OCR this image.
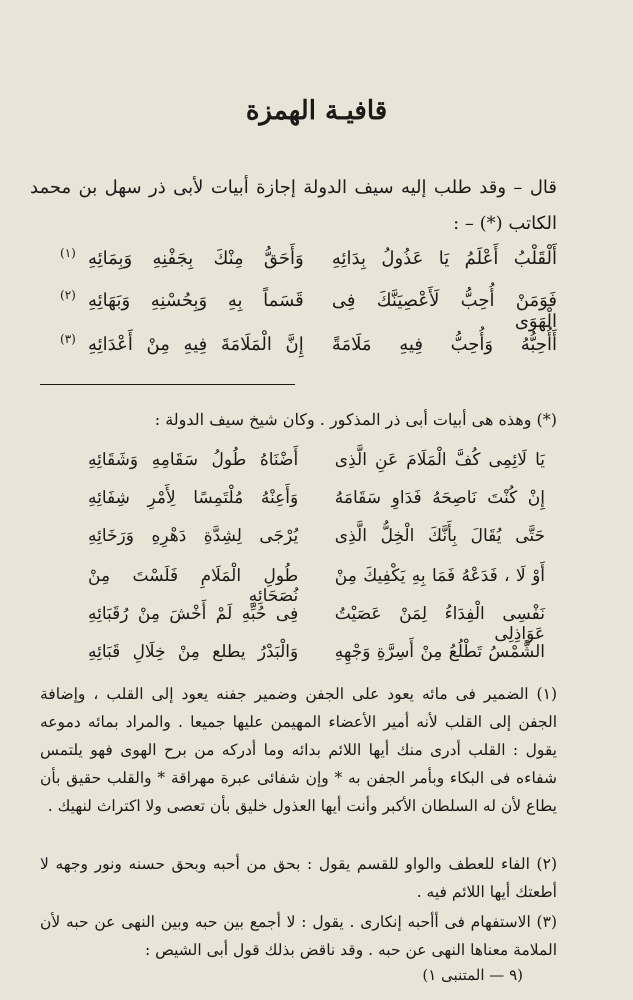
قافيـة الهمزة
قال – وقد طلب إليه سيف الدولة إجازة أبيات لأبى ذر سهل بن محمد الكاتب (*) – :
أَلْقَلْبُ أَعْلَمُ يَا عَذُولُ بِدَائِهِ
وَأَحَقُّ مِنْكَ بِجَفْنِهِ وَبِمَائِهِ
(١)
فَوَمَنْ أُحِبُّ لَأَعْصِيَنَّكَ فِى الْهَوَى
قَسَماً بِهِ وَبِحُسْنِهِ وَبَهَائِهِ
(٢)
أَأُحِبُّهُ وَأُحِبُّ فِيهِ مَلَامَةً
إِنَّ الْمَلَامَةَ فِيهِ مِنْ أَعْدَائِهِ
(٣)
(*) وهذه هى أبيات أبى ذر المذكور . وكان شيخ سيف الدولة :
يَا لَائِمِى كُفَّ الْمَلَامَ عَنِ الَّذِى
أَضْنَاهُ طُولُ سَقَامِهِ وَشَقَائِهِ
إِنْ كُنْتَ نَاصِحَهُ فَدَاوِ سَقَامَهُ
وَأَعِنْهُ مُلْتَمِسًا لِأَمْرِ شِفَائِهِ
حَتَّى يُقَالَ بِأَنَّكَ الْخِلُّ الَّذِى
يُرْجَى لِشِدَّةِ دَهْرِهِ وَرَخَائِهِ
أَوْ لَا ، فَدَعْهُ فَمَا بِهِ يَكْفِيكَ مِنْ
طُولِ الْمَلَامِ فَلَسْتَ مِنْ نُصَحَائِهِ
نَفْسِى الْفِدَاءُ لِمَنْ عَصَيْتُ عَوَاذِلِى
فِى حُبِّهِ لَمْ أَخْشَ مِنْ رُقَبَائِهِ
الشَّمْسُ تَطْلُعُ مِنْ أَسِرَّةِ وَجْهِهِ
وَالْبَدْرُ يطلع مِنْ خِلَالِ قَبَائِهِ
(١) الضمير فى مائه يعود على الجفن وضمير جفنه يعود إلى القلب ، وإضافة الجفن إلى القلب لأنه أمير الأعضاء المهيمن عليها جميعا . والمراد بمائه دموعه يقول : القلب أدرى منك أيها اللائم بدائه وما أدركه من برح الهوى فهو يلتمس شفاءه فى البكاء وبأمر الجفن به * وإن شفائى عبرة مهراقة * والقلب حقيق بأن يطاع لأن له السلطان الأكبر وأنت أيها العذول خليق بأن تعصى ولا اكتراث لنهيك .
(٢) الفاء للعطف والواو للقسم يقول : بحق من أحبه وبحق حسنه ونور وجهه لا أطعتك أيها اللائم فيه .
(٣) الاستفهام فى أأحبه إنكارى . يقول : لا أجمع بين حبه وبين النهى عن حبه لأن الملامة معناها النهى عن حبه . وقد ناقض بذلك قول أبى الشيص :
(٩ — المتنبى ١)
